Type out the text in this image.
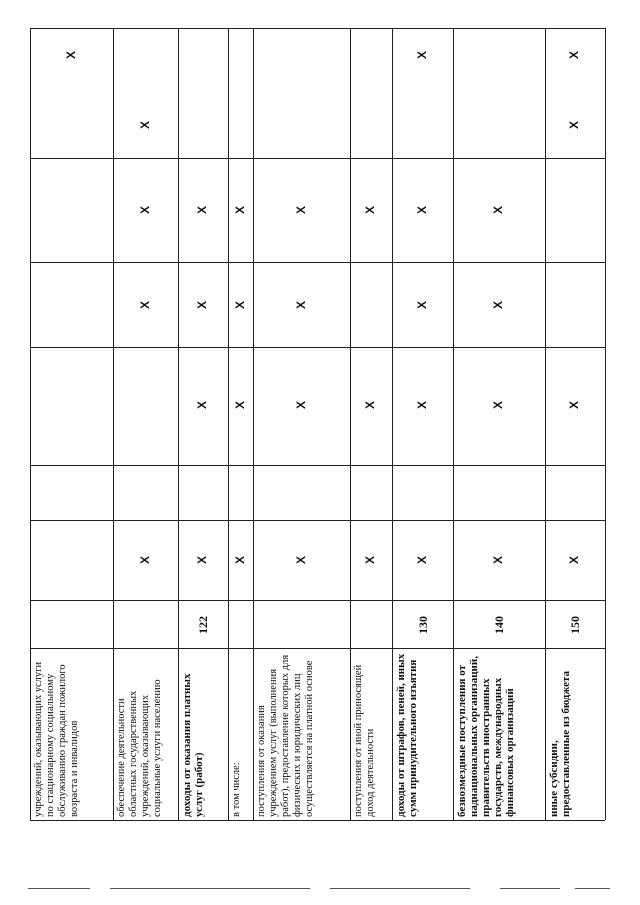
учреждений, оказывающих услуги по стационарному социальному обслуживанию граждан пожилого возраста и инвалидов
X
обеспечение деятельности областных государственных учреждений, оказывающих социальные услуги населению
X
X
X
X
доходы от оказания платных услуг (работ)
122
X
X
X
X
в том числе:
X
X
X
X
поступления от оказания учреждением услуг (выполнения работ), предоставление которых для физических и юридических лиц осуществляется на платной основе
X
X
X
X
поступления от иной приносящей доход деятельности
X
X
X
доходы от штрафов, пеней, иных сумм принудительного изъятия
130
X
X
X
X
X
безвозмездные поступления от наднациональных организаций, правительств иностранных государств, международных финансовых организаций
140
X
X
X
X
иные субсидии, предоставленные из бюджета
150
X
X
X
X
